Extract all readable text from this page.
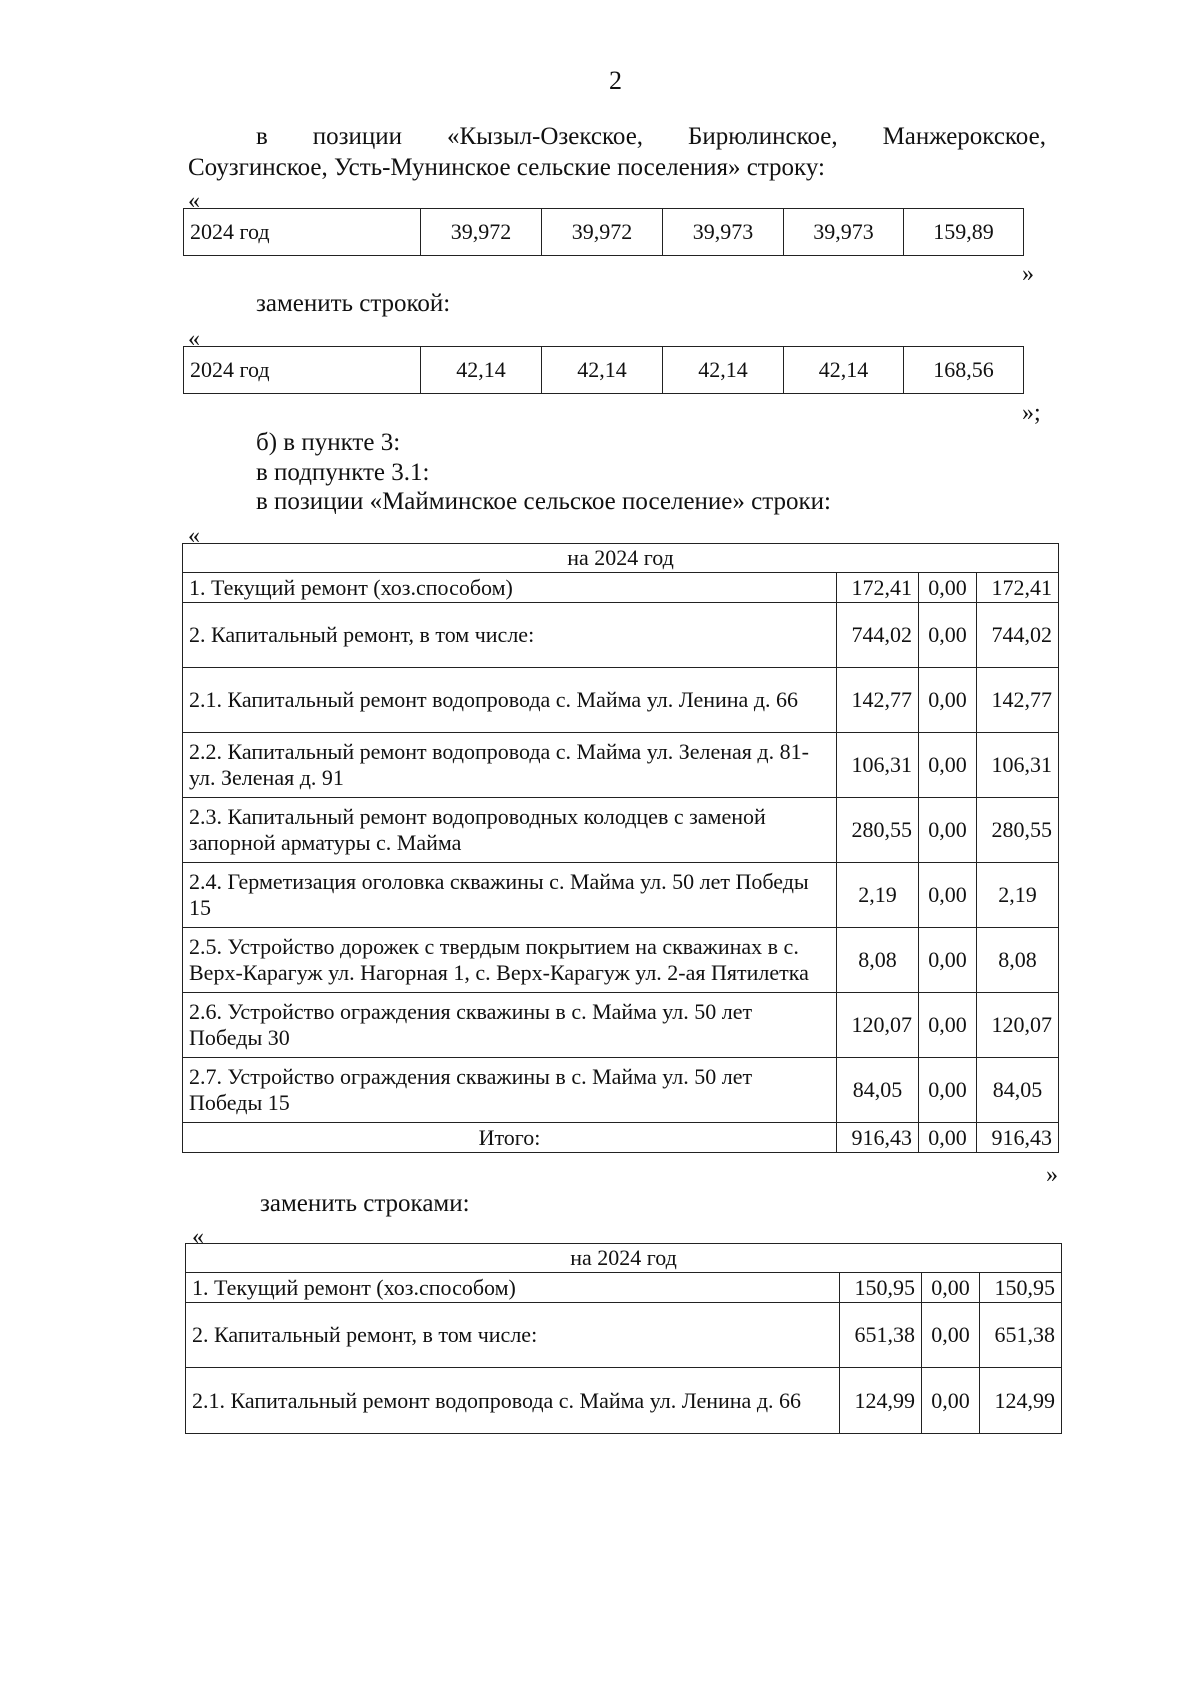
2
в позиции «Кызыл-Озекское, Бирюлинское, Манжерокское,
Соузгинское, Усть-Мунинское сельские поселения» строку:
«
2024 год	39,972	39,972	39,973	39,973	159,89
»
заменить строкой:
«
2024 год	42,14	42,14	42,14	42,14	168,56
»;
б) в пункте 3:
в подпункте 3.1:
в позиции «Майминское сельское поселение» строки:
«
на 2024 год			
1. Текущий ремонт (хоз.способом)	172,41	0,00	172,41
2. Капитальный ремонт, в том числе:	744,02	0,00	744,02
2.1. Капитальный ремонт водопровода с. Майма ул. Ленина д. 66	142,77	0,00	142,77
2.2. Капитальный ремонт водопровода с. Майма ул. Зеленая д. 81-ул. Зеленая д. 91	106,31	0,00	106,31
2.3. Капитальный ремонт водопроводных колодцев с заменой запорной арматуры с. Майма	280,55	0,00	280,55
2.4. Герметизация оголовка скважины с. Майма ул. 50 лет Победы 15	2,19	0,00	2,19
2.5. Устройство дорожек с твердым покрытием на скважинах в с. Верх-Карагуж ул. Нагорная 1, с. Верх-Карагуж ул. 2-ая Пятилетка	8,08	0,00	8,08
2.6. Устройство ограждения скважины в с. Майма ул. 50 лет Победы 30	120,07	0,00	120,07
2.7. Устройство ограждения скважины в с. Майма ул. 50 лет Победы 15	84,05	0,00	84,05
Итого:	916,43	0,00	916,43
»
заменить строками:
«
на 2024 год			
1. Текущий ремонт (хоз.способом)	150,95	0,00	150,95
2. Капитальный ремонт, в том числе:	651,38	0,00	651,38
2.1. Капитальный ремонт водопровода с. Майма ул. Ленина д. 66	124,99	0,00	124,99
